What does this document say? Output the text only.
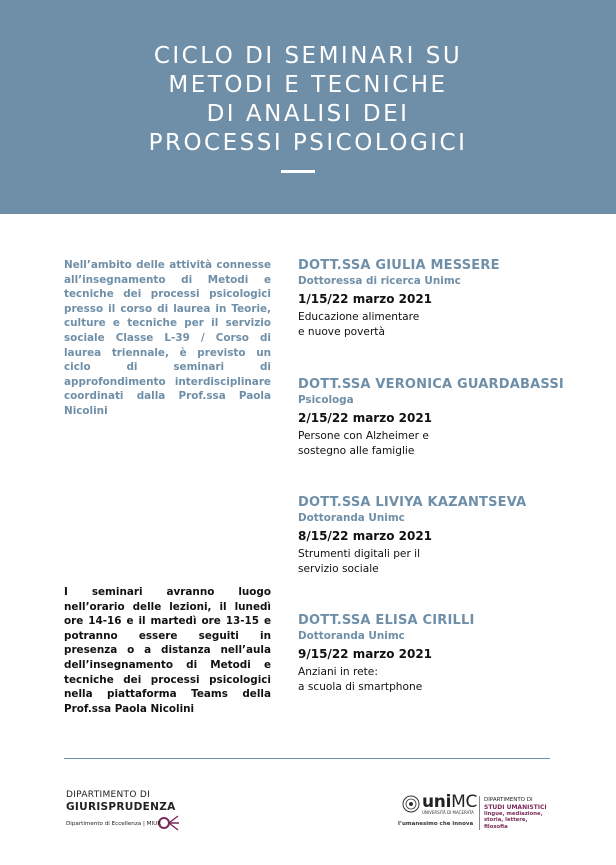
CICLO DI SEMINARI SU
METODI E TECNICHE
DI ANALISI DEI
PROCESSI PSICOLOGICI
Nell’ambito delle attività connesse all’insegnamento di Metodi e tecniche dei processi psicologici presso il corso di laurea in Teorie, culture e tecniche per il servizio sociale Classe L-39 / Corso di laurea triennale, è previsto un ciclo di seminari di approfondimento interdisciplinare coordinati dalla Prof.ssa Paola Nicolini
I seminari avranno luogo nell’orario delle lezioni, il lunedì ore 14-16 e il martedì ore 13-15 e potranno essere seguiti in presenza o a distanza nell’aula dell’insegnamento di Metodi e tecniche dei processi psicologici nella piattaforma Teams della Prof.ssa Paola Nicolini
DOTT.SSA GIULIA MESSERE
Dottoressa di ricerca Unimc
1/15/22 marzo 2021
Educazione alimentare
e nuove povertà
DOTT.SSA VERONICA GUARDABASSI
Psicologa
2/15/22 marzo 2021
Persone con Alzheimer e
sostegno alle famiglie
DOTT.SSA LIVIYA KAZANTSEVA
Dottoranda Unimc
8/15/22 marzo 2021
Strumenti digitali per il
servizio sociale
DOTT.SSA ELISA CIRILLI
Dottoranda Unimc
9/15/22 marzo 2021
Anziani in rete:
a scuola di smartphone
DIPARTIMENTO DI
GIURISPRUDENZA
Dipartimento di Eccellenza | MIUR
uniMC
UNIVERSITÀ DI MACERATA
l’umanesimo che innova
DIPARTIMENTO DI
STUDI UMANISTICI
lingue, mediazione, storia, lettere, filosofia
